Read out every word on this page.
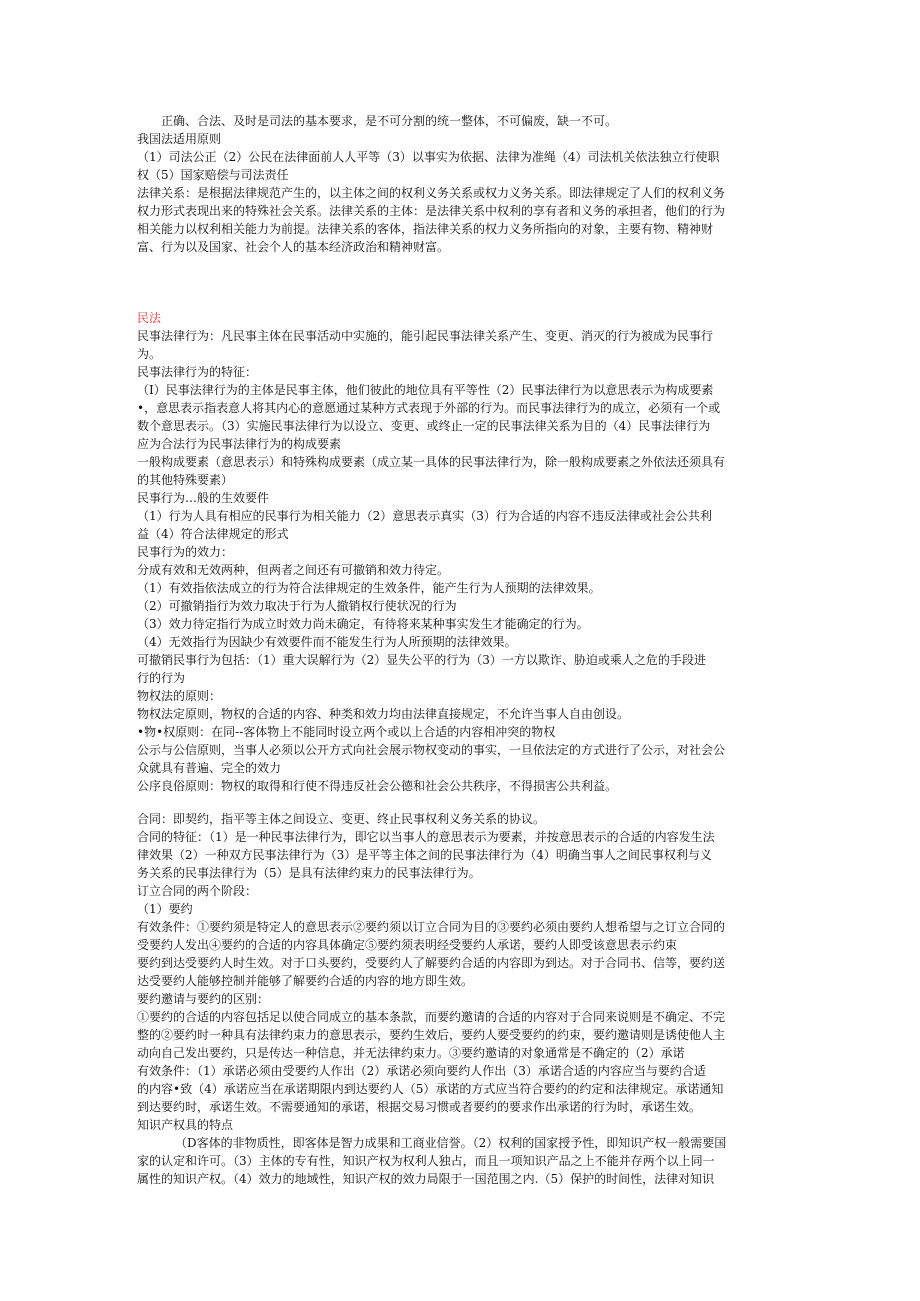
正确、合法、及时是司法的基本要求，是不可分割的统一整体，不可偏废，缺一不可。
我国法适用原则
（1）司法公正（2）公民在法律面前人人平等（3）以事实为依据、法律为准绳（4）司法机关依法独立行使职
权（5）国家赔偿与司法责任
法律关系：是根据法律规范产生的，以主体之间的权利义务关系或权力义务关系。即法律规定了人们的权利义务
权力形式表现出来的特殊社会关系。法律关系的主体：是法律关系中权利的享有者和义务的承担者，他们的行为
相关能力以权利相关能力为前提。法律关系的客体，指法律关系的权力义务所指向的对象，主要有物、精神财
富、行为以及国家、社会个人的基本经济政治和精神财富。
民法
民事法律行为：凡民事主体在民事活动中实施的，能引起民事法律关系产生、变更、消灭的行为被成为民事行
为。
民事法律行为的特征：
（I）民事法律行为的主体是民事主体，他们彼此的地位具有平等性（2）民事法律行为以意思表示为构成要素
•，意思表示指表意人将其内心的意愿通过某种方式表现于外部的行为。而民事法律行为的成立，必须有一个或
数个意思表示。（3）实施民事法律行为以设立、变更、或终止一定的民事法律关系为目的（4）民事法律行为
应为合法行为民事法律行为的构成要素
一般构成要素（意思表示）和特殊构成要素（成立某一具体的民事法律行为，除一般构成要素之外依法还须具有
的其他特殊要素）
民事行为…般的生效要件
（1）行为人具有相应的民事行为相关能力（2）意思表示真实（3）行为合适的内容不违反法律或社会公共利
益（4）符合法律规定的形式
民事行为的效力：
分成有效和无效两种，但两者之间还有可撤销和效力待定。
（1）有效指依法成立的行为符合法律规定的生效条件，能产生行为人预期的法律效果。
（2）可撤销指行为效力取决于行为人撤销权行使状况的行为
（3）效力待定指行为成立时效力尚未确定，有待将来某种事实发生才能确定的行为。
（4）无效指行为因缺少有效要件而不能发生行为人所预期的法律效果。
可撤销民事行为包括：（1）重大误解行为（2）显失公平的行为（3）一方以欺诈、胁迫或乘人之危的手段进
行的行为
物权法的原则：
物权法定原则，物权的合适的内容、种类和效力均由法律直接规定，不允许当事人自由创设。
•物•权原则：在同--客体物上不能同时设立两个或以上合适的内容相冲突的物权
公示与公信原则，当事人必须以公开方式向社会展示物权变动的事实，一旦依法定的方式进行了公示，对社会公
众就具有普遍、完全的效力
公序良俗原则：物权的取得和行使不得违反社会公德和社会公共秩序，不得损害公共利益。
合同：即契约，指平等主体之间设立、变更、终止民事权利义务关系的协议。
合同的特征：（1）是一种民事法律行为，即它以当事人的意思表示为要素，并按意思表示的合适的内容发生法
律效果（2）一种双方民事法律行为（3）是平等主体之间的民事法律行为（4）明确当事人之间民事权利与义
务关系的民事法律行为（5）是具有法律约束力的民事法律行为。
订立合同的两个阶段：
（1）要约
有效条件：①要约须是特定人的意思表示②要约须以订立合同为目的③要约必须由要约人想希望与之订立合同的
受要约人发出④要约的合适的内容具体确定⑤要约须表明经受要约人承诺，要约人即受该意思表示约束
要约到达受要约人时生效。对于口头要约，受要约人了解要约合适的内容即为到达。对于合同书、信等，要约送
达受要约人能够控制并能够了解要约合适的内容的地方即生效。
要约邀请与要约的区别：
①要约的合适的内容包括足以使合同成立的基本条款，而要约邀请的合适的内容对于合同来说则是不确定、不完
整的②要约时一种具有法律约束力的意思表示，要约生效后，要约人要受要约的约束，要约邀请则是诱使他人主
动向自己发出要约，只是传达一种信息，并无法律约束力。③要约邀请的对象通常是不确定的（2）承诺
有效条件：（1）承诺必须由受要约人作出（2）承诺必须向要约人作出（3）承诺合适的内容应当与要约合适
的内容•致（4）承诺应当在承诺期限内到达要约人（5）承诺的方式应当符合要约的约定和法律规定。承诺通知
到达要约时，承诺生效。不需要通知的承诺，根据交易习惯或者要约的要求作出承诺的行为时，承诺生效。
知识产权具的特点
（D客体的非物质性，即客体是智力成果和工商业信誉。（2）权利的国家授予性，即知识产权一般需要国
家的认定和许可。（3）主体的专有性，知识产权为权利人独占，而且一项知识产品之上不能并存两个以上同一
属性的知识产权。（4）效力的地域性，知识产权的效力局限于一国范围之内.（5）保护的时间性，法律对知识
